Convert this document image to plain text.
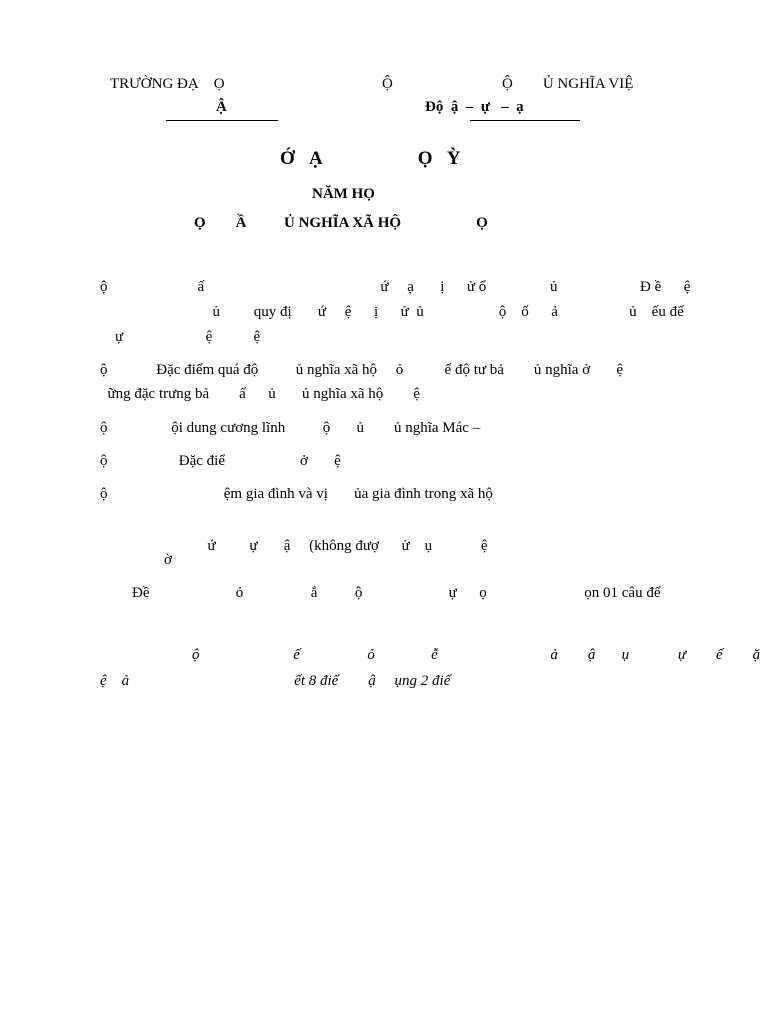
TRƯỜNG ĐẠ    Ọ
Ậ
Ộ	Ộ        Ủ NGHĨA VIỆ
Độ  ậ  –  ự   –  ạ
Ớ   Ạ                    Ọ   Ỳ
NĂM HỌ
Ọ        Ầ          Ủ NGHĨA XÃ HỘ                    Ọ
ộ                        ấ                                               ứ     ạ       ị      ử ổ                 ủ                      Đ ề      ệ
ủ         quy đị       ứ     ệ      ị      ử  ủ                    ộ    ố      ả                   ủ    ếu để
ự                      ệ           ệ
ộ             Đặc điểm quá độ          ủ nghĩa xã hộ     ỏ           ế độ tư bả        ủ nghĩa ở       ệ
ững đặc trưng bả        ấ      ủ       ủ nghĩa xã hộ        ệ
ộ                 ội dung cương lĩnh          ộ       ủ        ủ nghĩa Mác –
ộ                   Đặc điể                    ở       ệ
ộ                               ệm gia đình và vị       ủa gia đình trong xã hộ

ứ         ự       ậ     (không đượ      ử    ụ             ệ

ờ
Đề                       ỏ                  ắ          ộ                       ự      ọ                          ọn 01 câu để
ộ                         ế                  ỏ               ễ                              ả        ậ       ụ             ự        ế        ặ
ệ    ả                                            ết 8 điể        ậ     ụng 2 điể
